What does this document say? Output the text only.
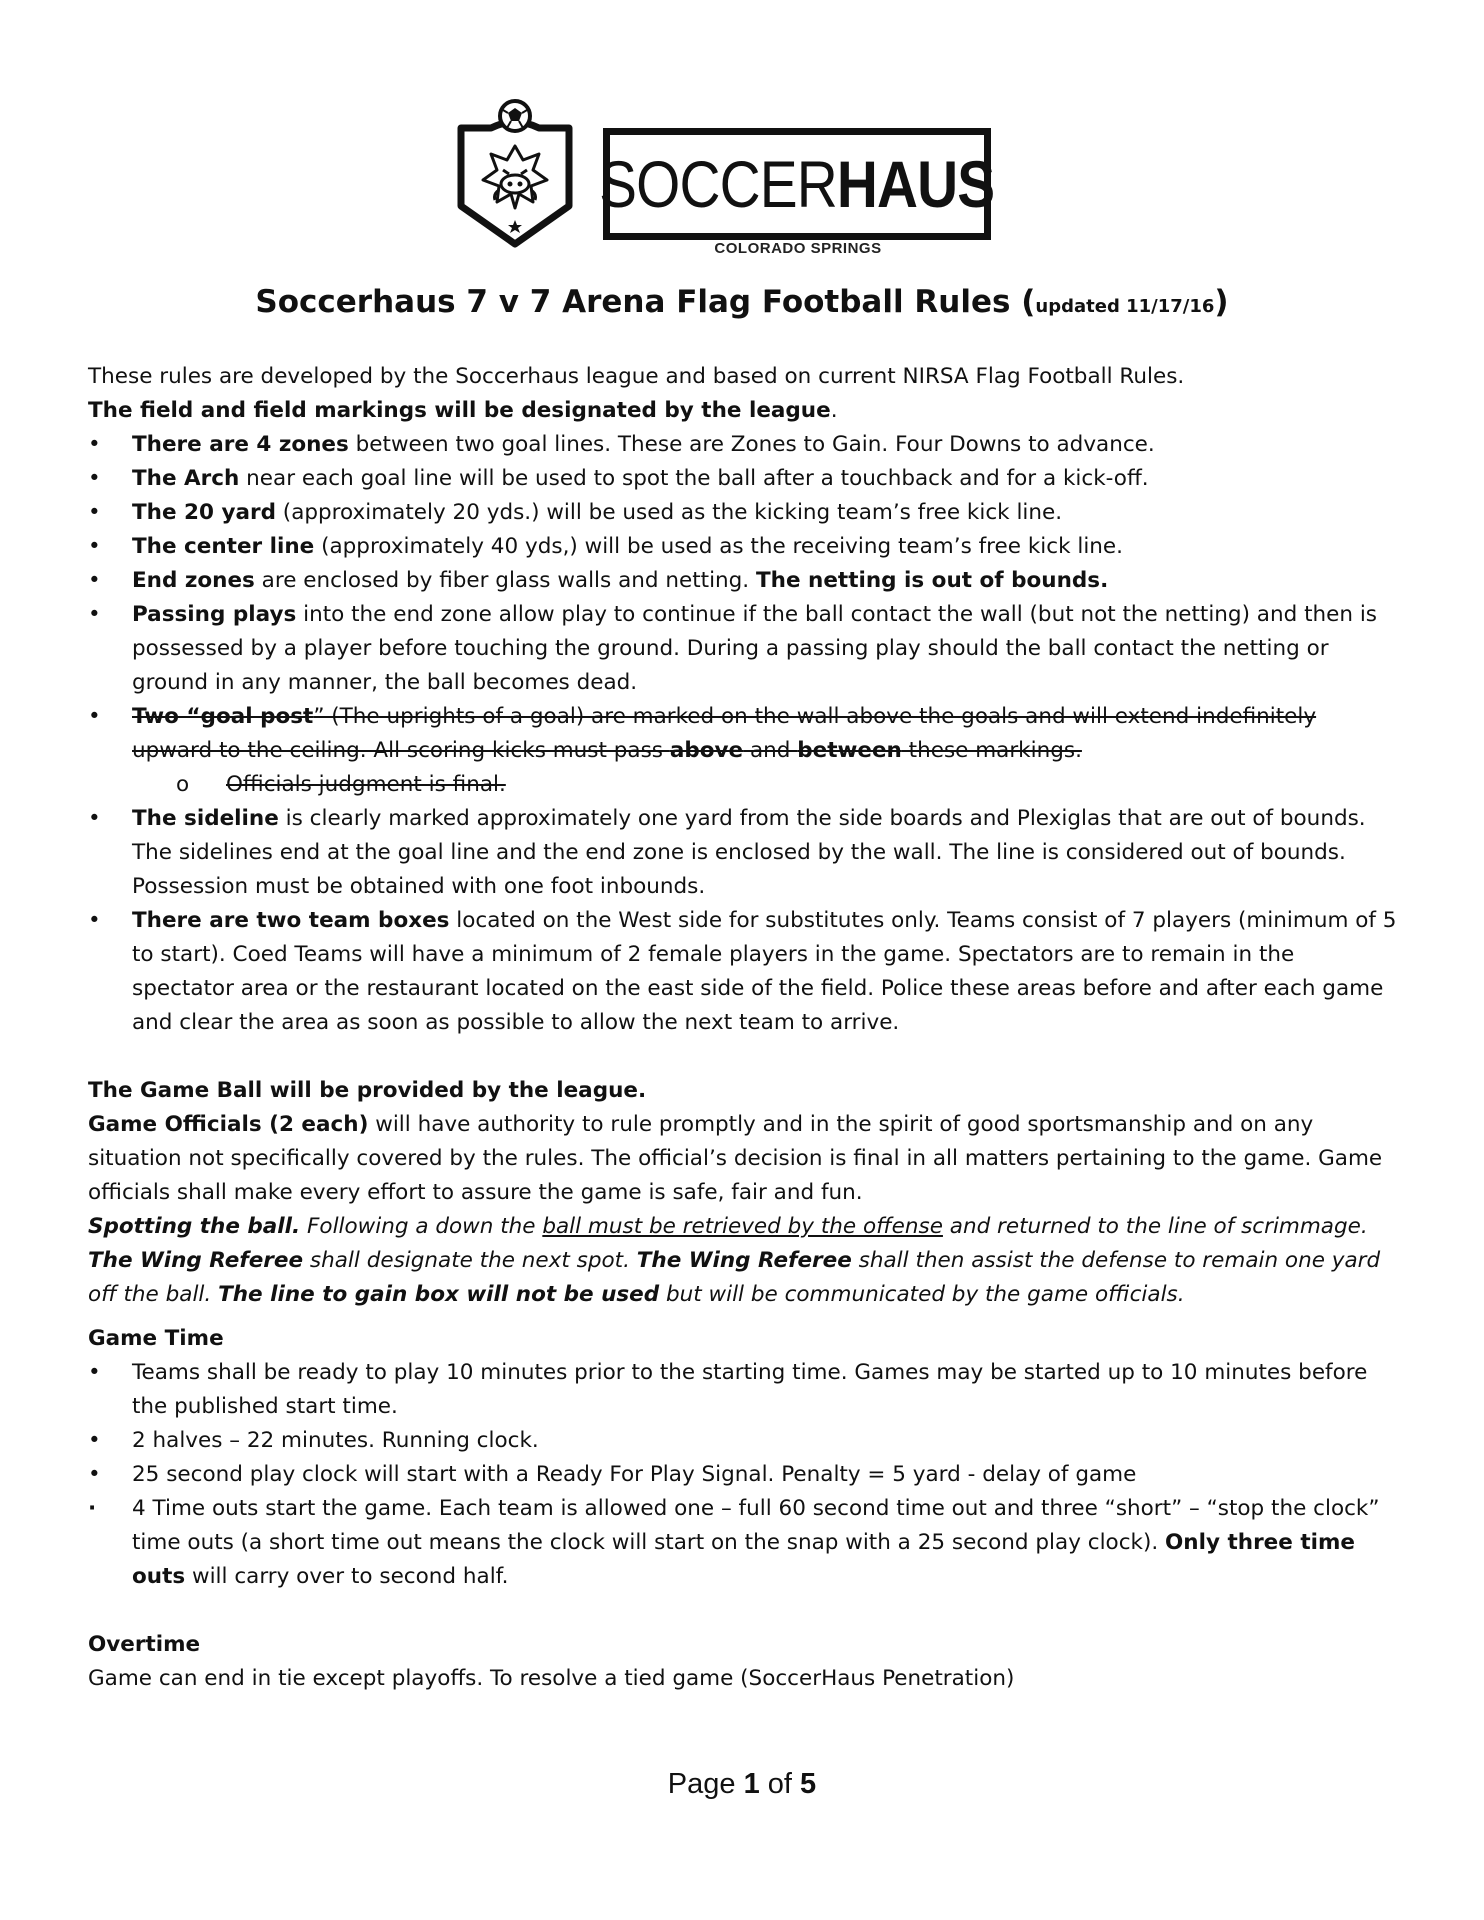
SOCCERHAUS
COLORADO SPRINGS
Soccerhaus 7 v 7 Arena Flag Football Rules (updated 11/17/16)

These rules are developed by the Soccerhaus league and based on current NIRSA Flag Football Rules.

The field and field markings will be designated by the league.

• There are 4 zones between two goal lines. These are Zones to Gain. Four Downs to advance.
• The Arch near each goal line will be used to spot the ball after a touchback and for a kick-off.
• The 20 yard (approximately 20 yds.) will be used as the kicking team’s free kick line.
• The center line (approximately 40 yds,) will be used as the receiving team’s free kick line.
• End zones are enclosed by fiber glass walls and netting. The netting is out of bounds.
• Passing plays into the end zone allow play to continue if the ball contact the wall (but not the netting) and then is possessed by a player before touching the ground. During a passing play should the ball contact the netting or ground in any manner, the ball becomes dead.
• Two “goal post” (The uprights of a goal) are marked on the wall above the goals and will extend indefinitely upward to the ceiling. All scoring kicks must pass above and between these markings.
o Officials judgment is final.
• The sideline is clearly marked approximately one yard from the side boards and Plexiglas that are out of bounds. The sidelines end at the goal line and the end zone is enclosed by the wall. The line is considered out of bounds. Possession must be obtained with one foot inbounds.
• There are two team boxes located on the West side for substitutes only. Teams consist of 7 players (minimum of 5 to start). Coed Teams will have a minimum of 2 female players in the game. Spectators are to remain in the spectator area or the restaurant located on the east side of the field. Police these areas before and after each game and clear the area as soon as possible to allow the next team to arrive.

The Game Ball will be provided by the league.

Game Officials (2 each) will have authority to rule promptly and in the spirit of good sportsmanship and on any situation not specifically covered by the rules. The official’s decision is final in all matters pertaining to the game. Game officials shall make every effort to assure the game is safe, fair and fun.

Spotting the ball. Following a down the ball must be retrieved by the offense and returned to the line of scrimmage. The Wing Referee shall designate the next spot. The Wing Referee shall then assist the defense to remain one yard off the ball. The line to gain box will not be used but will be communicated by the game officials.

Game Time

• Teams shall be ready to play 10 minutes prior to the starting time. Games may be started up to 10 minutes before the published start time.
• 2 halves – 22 minutes. Running clock.
• 25 second play clock will start with a Ready For Play Signal. Penalty = 5 yard - delay of game
· 4 Time outs start the game. Each team is allowed one – full 60 second time out and three “short” – “stop the clock” time outs (a short time out means the clock will start on the snap with a 25 second play clock). Only three time outs will carry over to second half.

Overtime

Game can end in tie except playoffs. To resolve a tied game (SoccerHaus Penetration)

Page 1 of 5
